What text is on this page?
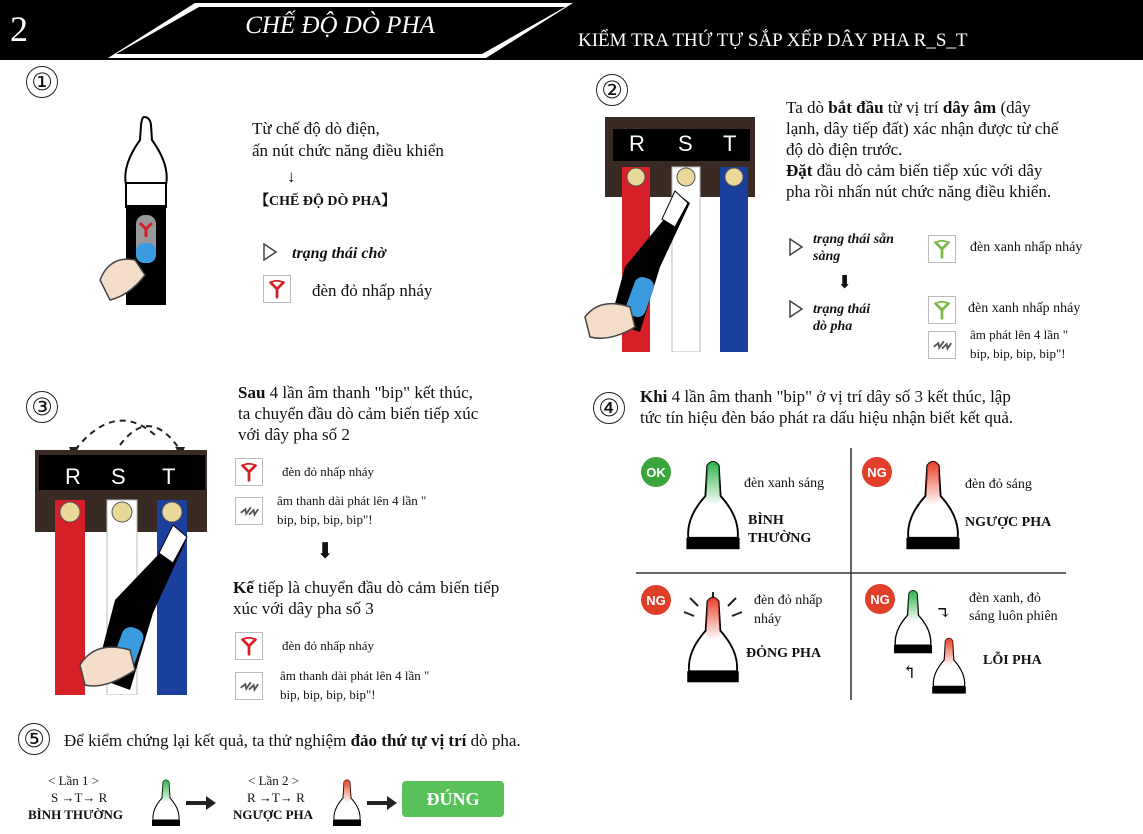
2	CHẾ ĐỘ DÒ PHA
KIỂM TRA THỨ TỰ SẮP XẾP DÂY PHA R_S_T
①
Từ chế độ dò điện,
ấn nút chức năng điều khiển
↓
【CHẾ ĐỘ DÒ PHA】
trạng thái chờ
đèn đỏ nhấp nháy
②
R S T
Ta dò bắt đầu từ vị trí dây âm (dây
lạnh, dây tiếp đất) xác nhận được từ chế
độ dò điện trước.
Đặt đầu dò cảm biến tiếp xúc với dây
pha rồi nhấn nút chức năng điều khiển.
trạng thái sẵn
sàng
đèn xanh nhấp nháy
⬇
trạng thái
dò pha
đèn xanh nhấp nháy
âm phát lên 4 lần "
bip, bip, bip, bip"!
③
R S T
Sau 4 lần âm thanh "bip" kết thúc,
ta chuyển đầu dò cảm biến tiếp xúc
với dây pha số 2
đèn đỏ nhấp nháy
âm thanh dài phát lên 4 lần "
bip, bip, bip, bip"!
⬇
Kế tiếp là chuyển đầu dò cảm biến tiếp
xúc với dây pha số 3
đèn đỏ nhấp nháy
âm thanh dài phát lên 4 lần "
bip, bip, bip, bip"!
④	Khi 4 lần âm thanh "bip" ở vị trí dây số 3 kết thúc, lập
tức tín hiệu đèn báo phát ra dấu hiệu nhận biết kết quả.
OK
đèn xanh sáng
BÌNH
THƯỜNG
NG
đèn đỏ sáng
NGƯỢC PHA
NG	đèn đỏ nhấp
nháy
ĐỎNG PHA
NG
↴
↰
đèn xanh, đỏ
sáng luôn phiên
LỖI PHA
⑤	Để kiểm chứng lại kết quả, ta thử nghiệm đảo thứ tự vị trí dò pha.
< Lần 1 >
S →T→ R
BÌNH THƯỜNG
< Lần 2 >
R →T→ R
NGƯỢC PHA
ĐÚNG
